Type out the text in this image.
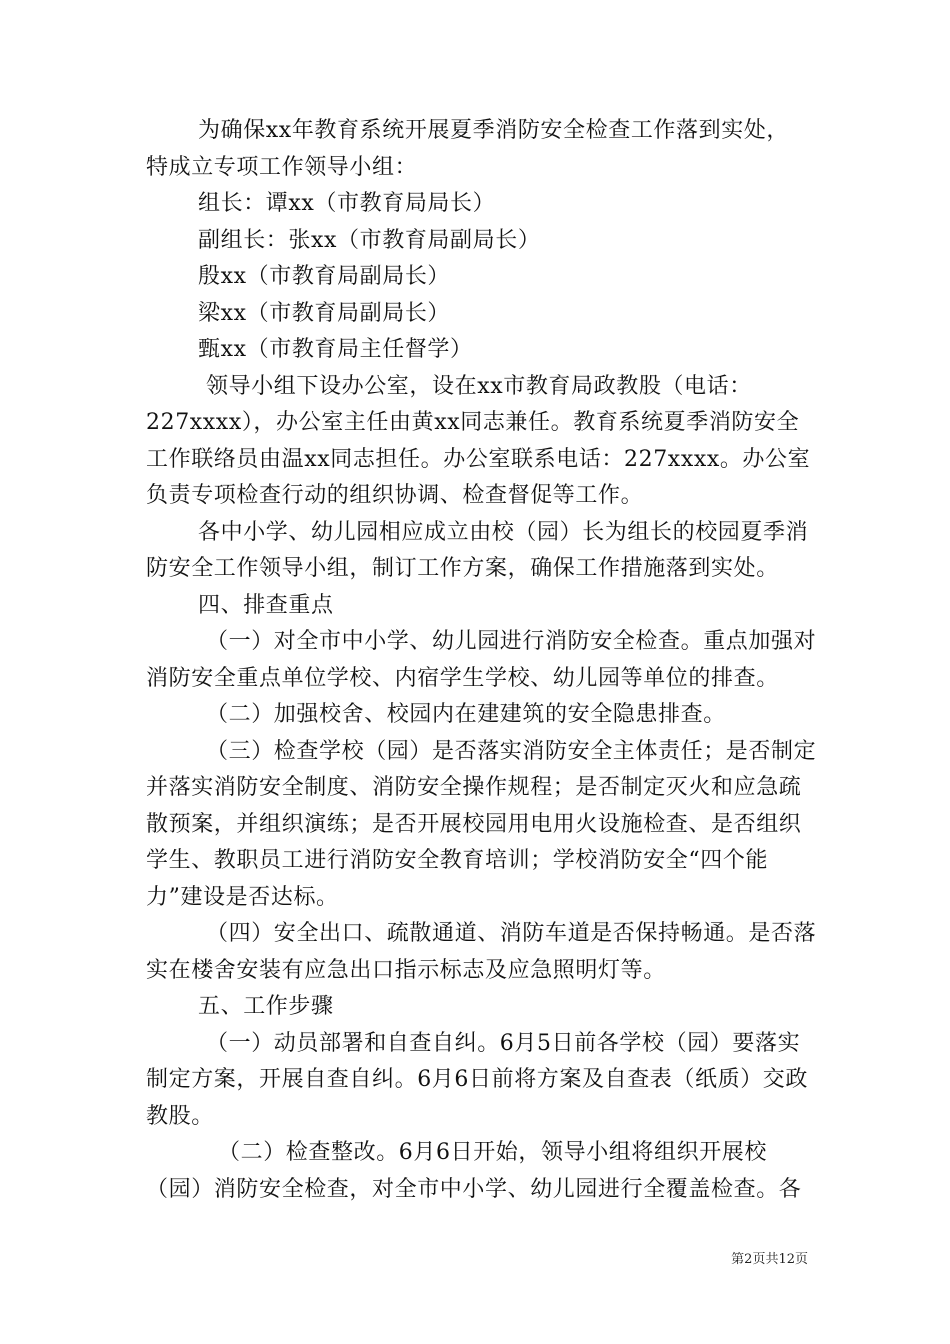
为确保xx年教育系统开展夏季消防安全检查工作落到实处，
特成立专项工作领导小组：
组长：谭xx（市教育局局长）
副组长：张xx（市教育局副局长）
殷xx（市教育局副局长）
梁xx（市教育局副局长）
甄xx（市教育局主任督学）
领导小组下设办公室，设在xx市教育局政教股（电话：
227xxxx），办公室主任由黄xx同志兼任。教育系统夏季消防安全
工作联络员由温xx同志担任。办公室联系电话：227xxxx。办公室
负责专项检查行动的组织协调、检查督促等工作。
各中小学、幼儿园相应成立由校（园）长为组长的校园夏季消
防安全工作领导小组，制订工作方案，确保工作措施落到实处。
四、排查重点
（一）对全市中小学、幼儿园进行消防安全检查。重点加强对
消防安全重点单位学校、内宿学生学校、幼儿园等单位的排查。
（二）加强校舍、校园内在建建筑的安全隐患排查。
（三）检查学校（园）是否落实消防安全主体责任；是否制定
并落实消防安全制度、消防安全操作规程；是否制定灭火和应急疏
散预案，并组织演练；是否开展校园用电用火设施检查、是否组织
学生、教职员工进行消防安全教育培训；学校消防安全“四个能
力”建设是否达标。
（四）安全出口、疏散通道、消防车道是否保持畅通。是否落
实在楼舍安装有应急出口指示标志及应急照明灯等。
五、工作步骤
（一）动员部署和自查自纠。6月5日前各学校（园）要落实
制定方案，开展自查自纠。6月6日前将方案及自查表（纸质）交政
教股。
（二）检查整改。6月6日开始，领导小组将组织开展校
（园）消防安全检查，对全市中小学、幼儿园进行全覆盖检查。各
第2页共12页
